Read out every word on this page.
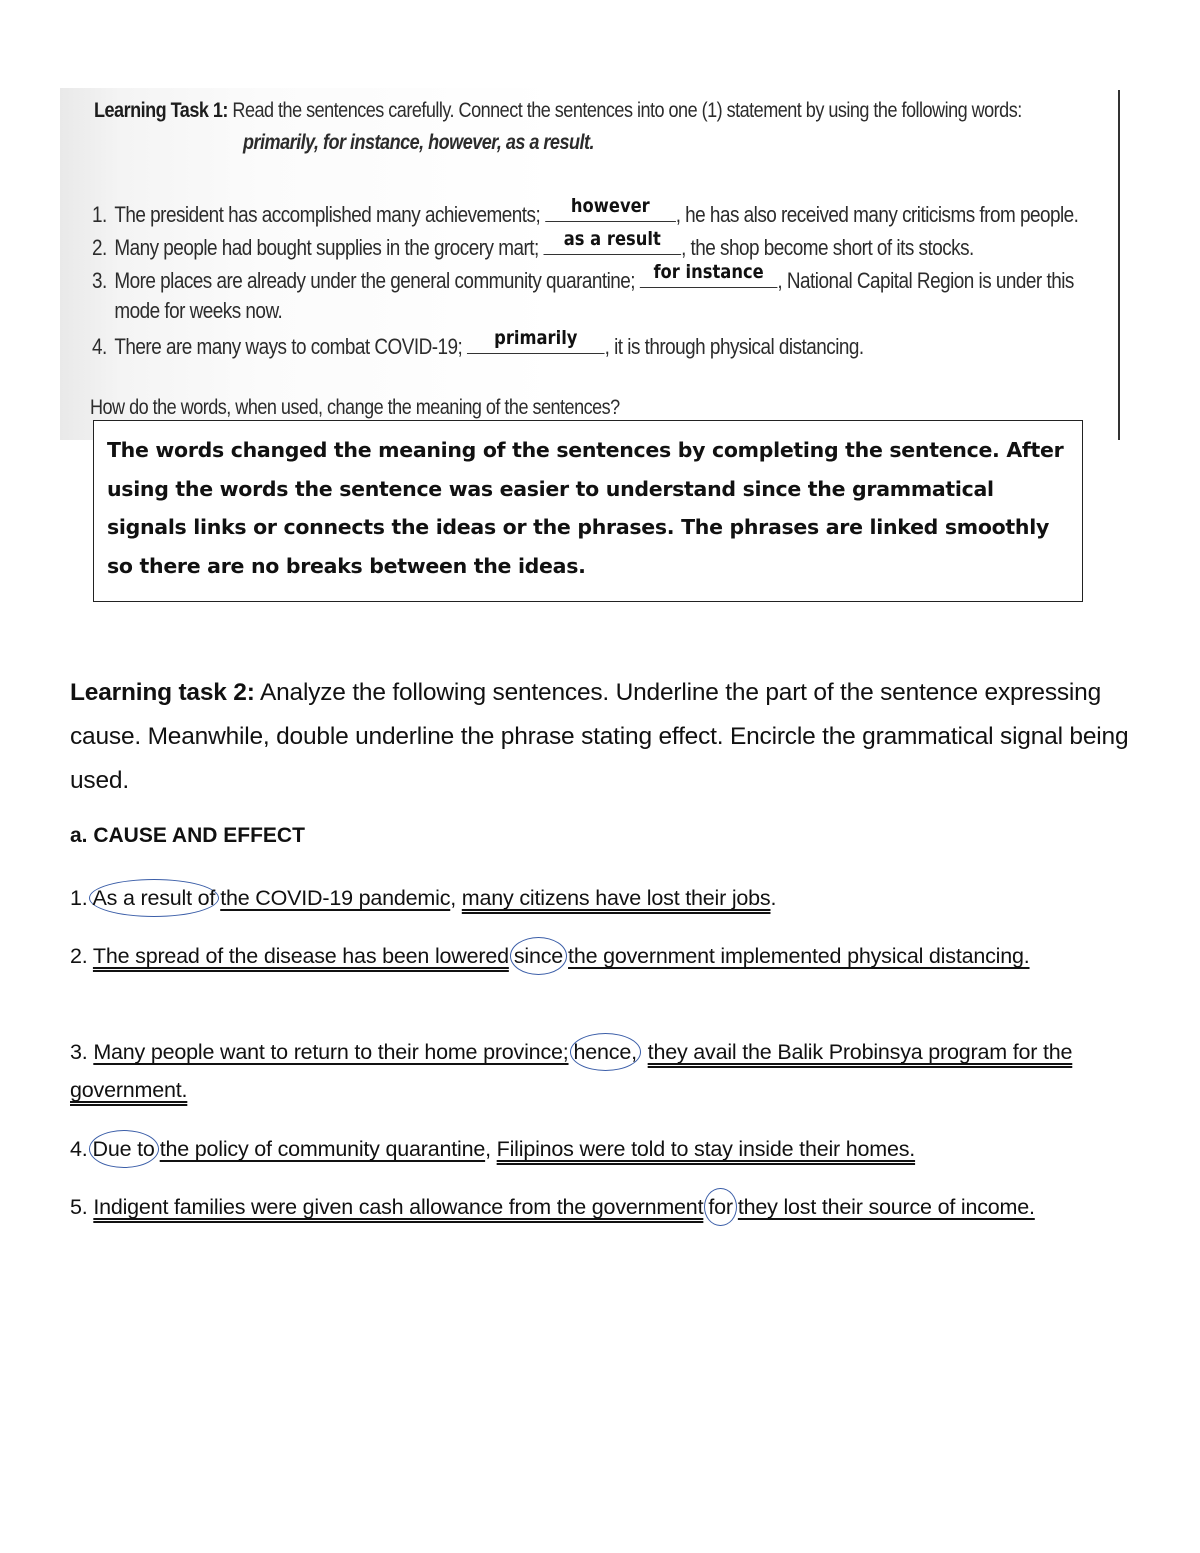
Learning Task 1: Read the sentences carefully. Connect the sentences into one (1) statement by using the following words:
primarily, for instance, however, as a result.
1. The president has accomplished many achievements;	however	, he has also received many criticisms from people.
2. Many people had bought supplies in the grocery mart;	as a result , the shop become short of its stocks.
3. More places are already under the general community quarantine; for instance , National Capital Region is under this
mode for weeks now.
4. There are many ways to combat COVID-19;	primarily	, it is through physical distancing.
How do the words, when used, change the meaning of the sentences?

The words changed the meaning of the sentences by completing the sentence. After using the words the sentence was easier to understand since the grammatical signals links or connects the ideas or the phrases. The phrases are linked smoothly so there are no breaks between the ideas.

Learning task 2: Analyze the following sentences. Underline the part of the sentence expressing cause. Meanwhile, double underline the phrase stating effect. Encircle the grammatical signal being used.
a. CAUSE AND EFFECT
1. As a result of the COVID-19 pandemic, many citizens have lost their jobs.
2. The spread of the disease has been lowered since the government implemented physical distancing.
3. Many people want to return to their home province; hence, they avail the Balik Probinsya program for the government.
4. Due to the policy of community quarantine, Filipinos were told to stay inside their homes.
5. Indigent families were given cash allowance from the government for they lost their source of income.
